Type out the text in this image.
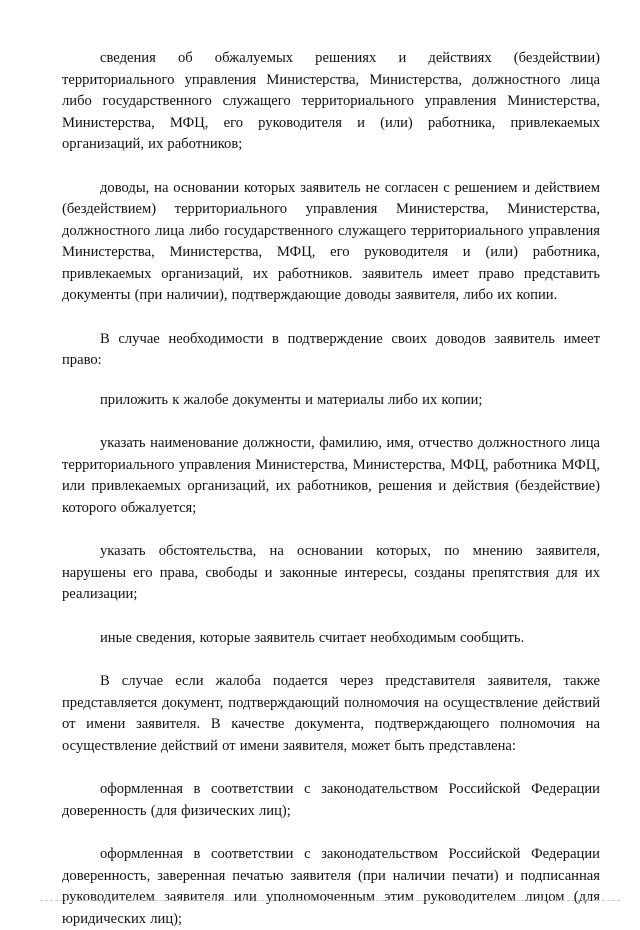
сведения об обжалуемых решениях и действиях (бездействии) территориального управления Министерства, Министерства, должностного лица либо государственного служащего территориального управления Министерства, Министерства, МФЦ, его руководителя и (или) работника, привлекаемых организаций, их работников;

доводы, на основании которых заявитель не согласен с решением и действием (бездействием) территориального управления Министерства, Министерства, должностного лица либо государственного служащего территориального управления Министерства, Министерства, МФЦ, его руководителя и (или) работника, привлекаемых организаций, их работников. заявитель имеет право представить документы (при наличии), подтверждающие доводы заявителя, либо их копии.

В случае необходимости в подтверждение своих доводов заявитель имеет право:

приложить к жалобе документы и материалы либо их копии;

указать наименование должности, фамилию, имя, отчество должностного лица территориального управления Министерства, Министерства, МФЦ, работника МФЦ, или привлекаемых организаций, их работников, решения и действия (бездействие) которого обжалуется;

указать обстоятельства, на основании которых, по мнению заявителя, нарушены его права, свободы и законные интересы, созданы препятствия для их реализации;

иные сведения, которые заявитель считает необходимым сообщить.

В случае если жалоба подается через представителя заявителя, также представляется документ, подтверждающий полномочия на осуществление действий от имени заявителя. В качестве документа, подтверждающего полномочия на осуществление действий от имени заявителя, может быть представлена:

оформленная в соответствии с законодательством Российской Федерации доверенность (для физических лиц);

оформленная в соответствии с законодательством Российской Федерации доверенность, заверенная печатью заявителя (при наличии печати) и подписанная руководителем заявителя или уполномоченным этим руководителем лицом (для юридических лиц);
